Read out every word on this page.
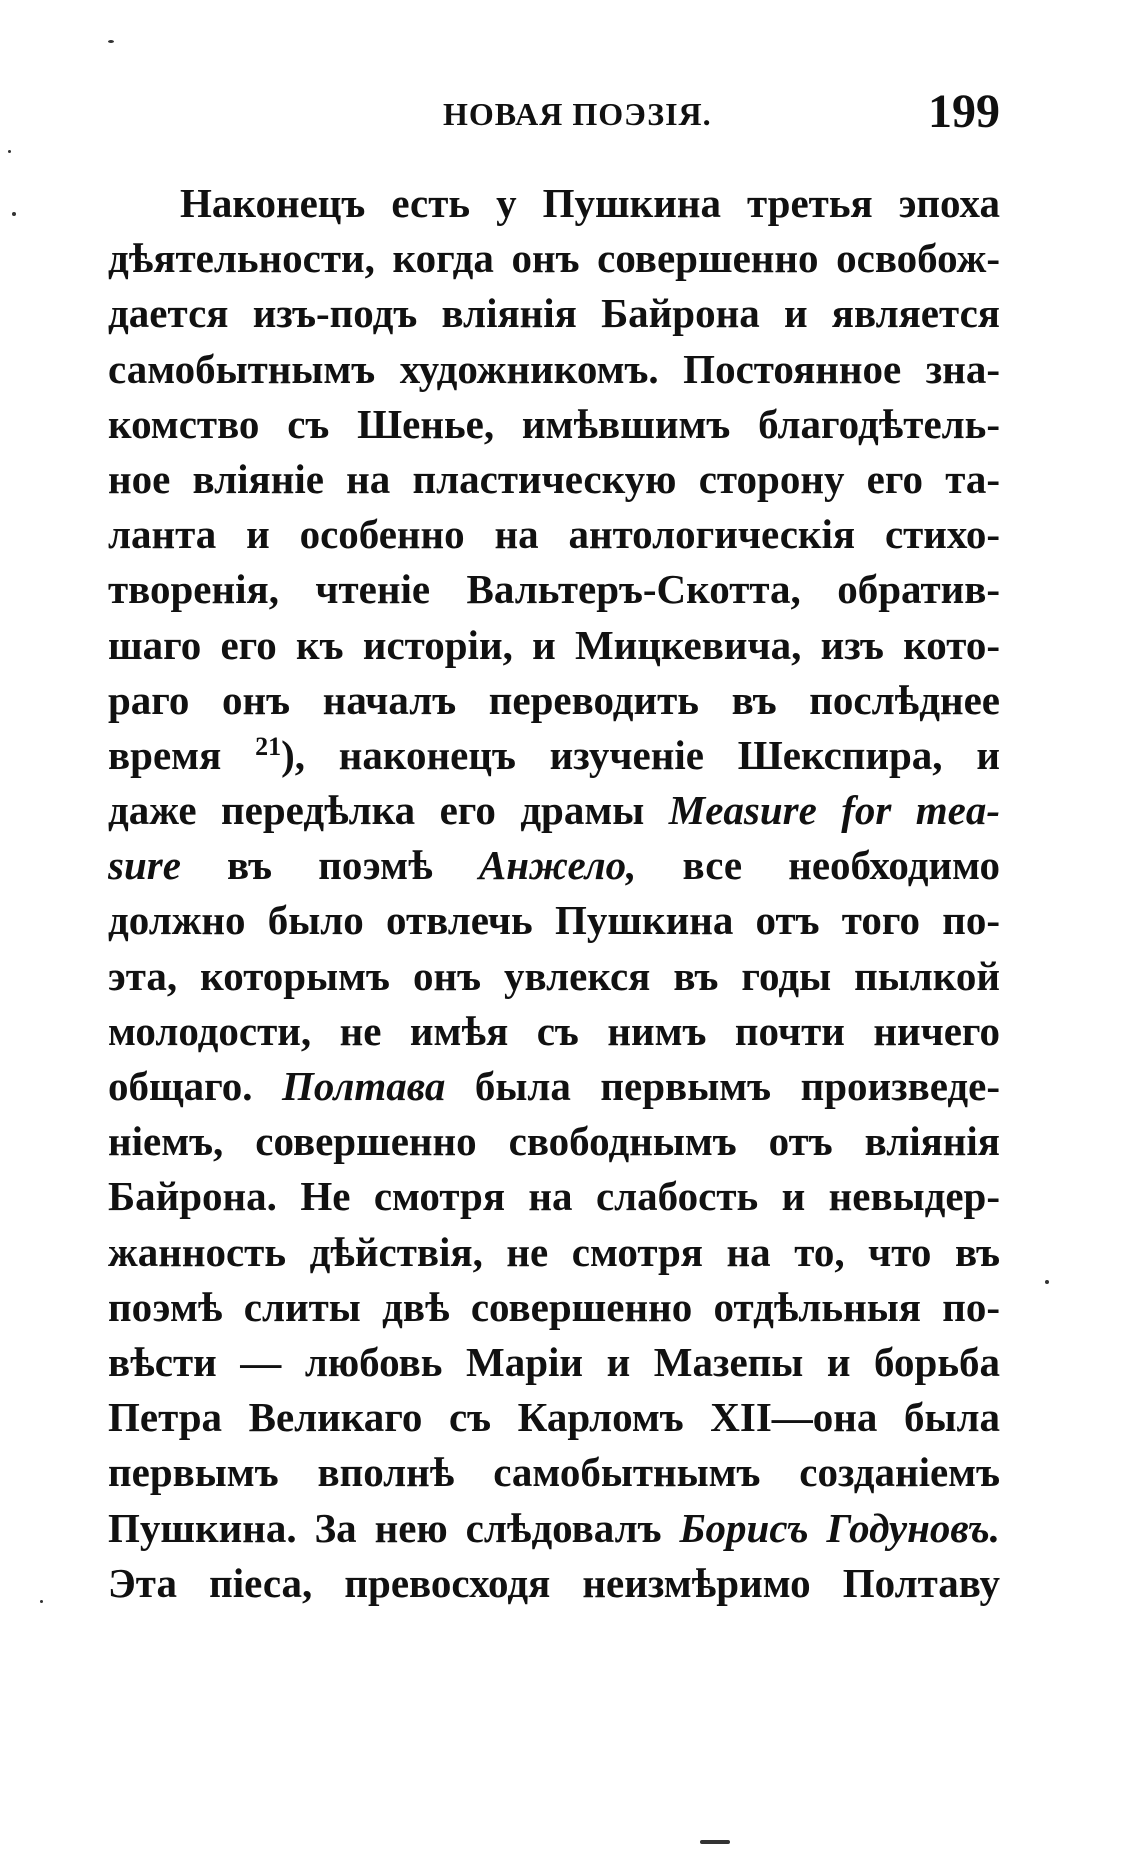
НОВАЯ ПОЭЗІЯ.	199
Наконецъ есть у Пушкина третья эпоха
дѣятельности, когда онъ совершенно освобож-
дается изъ-подъ вліянія Байрона и является
самобытнымъ художникомъ. Постоянное зна-
комство съ Шенье, имѣвшимъ благодѣтель-
ное вліяніе на пластическую сторону его та-
ланта и особенно на антологическія стихо-
творенія, чтеніе Вальтеръ-Скотта, обратив-
шаго его къ исторіи, и Мицкевича, изъ кото-
раго онъ началъ переводить въ послѣднее
время $^{21}$), наконецъ изученіе Шекспира, и
даже передѣлка его драмы Measure for mea-
sure въ поэмѣ Анжело, все необходимо
должно было отвлечь Пушкина отъ того по-
эта, которымъ онъ увлекся въ годы пылкой
молодости, не имѣя съ нимъ почти ничего
общаго. Полтава была первымъ произведе-
ніемъ, совершенно свободнымъ отъ вліянія
Байрона. Не смотря на слабость и невыдер-
жанность дѣйствія, не смотря на то, что въ
поэмѣ слиты двѣ совершенно отдѣльныя по-
вѣсти — любовь Маріи и Мазепы и борьба
Петра Великаго съ Карломъ XII—она была
первымъ вполнѣ самобытнымъ созданіемъ
Пушкина. За нею слѣдовалъ Борисъ Годуновъ.
Эта піеса, превосходя неизмѣримо Полтаву
